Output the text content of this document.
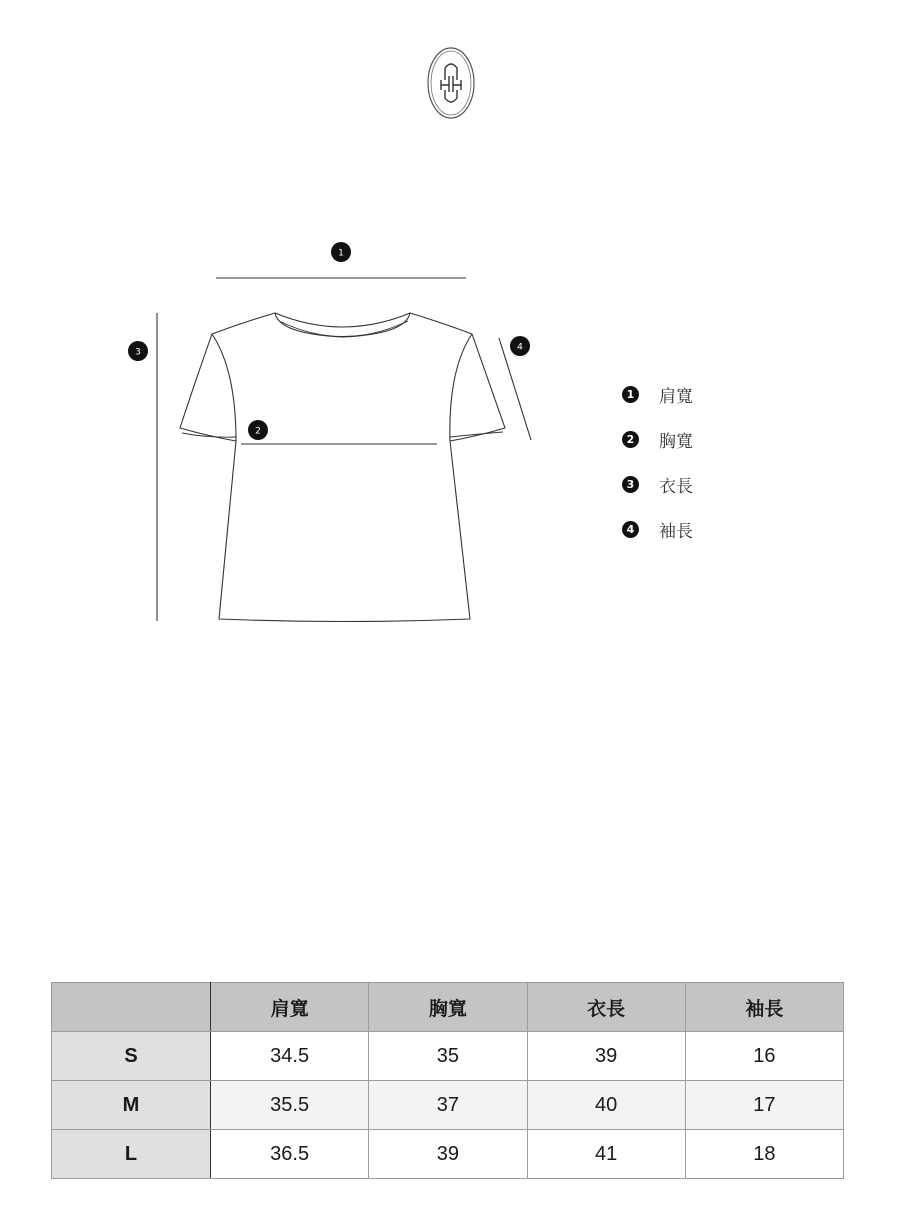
1
2
3	4
1 肩寬
2 胸寬
3 衣長
4 袖長
	肩寬	胸寬	衣長	袖長
S	34.5	35	39	16
M	35.5	37	40	17
L	36.5	39	41	18
